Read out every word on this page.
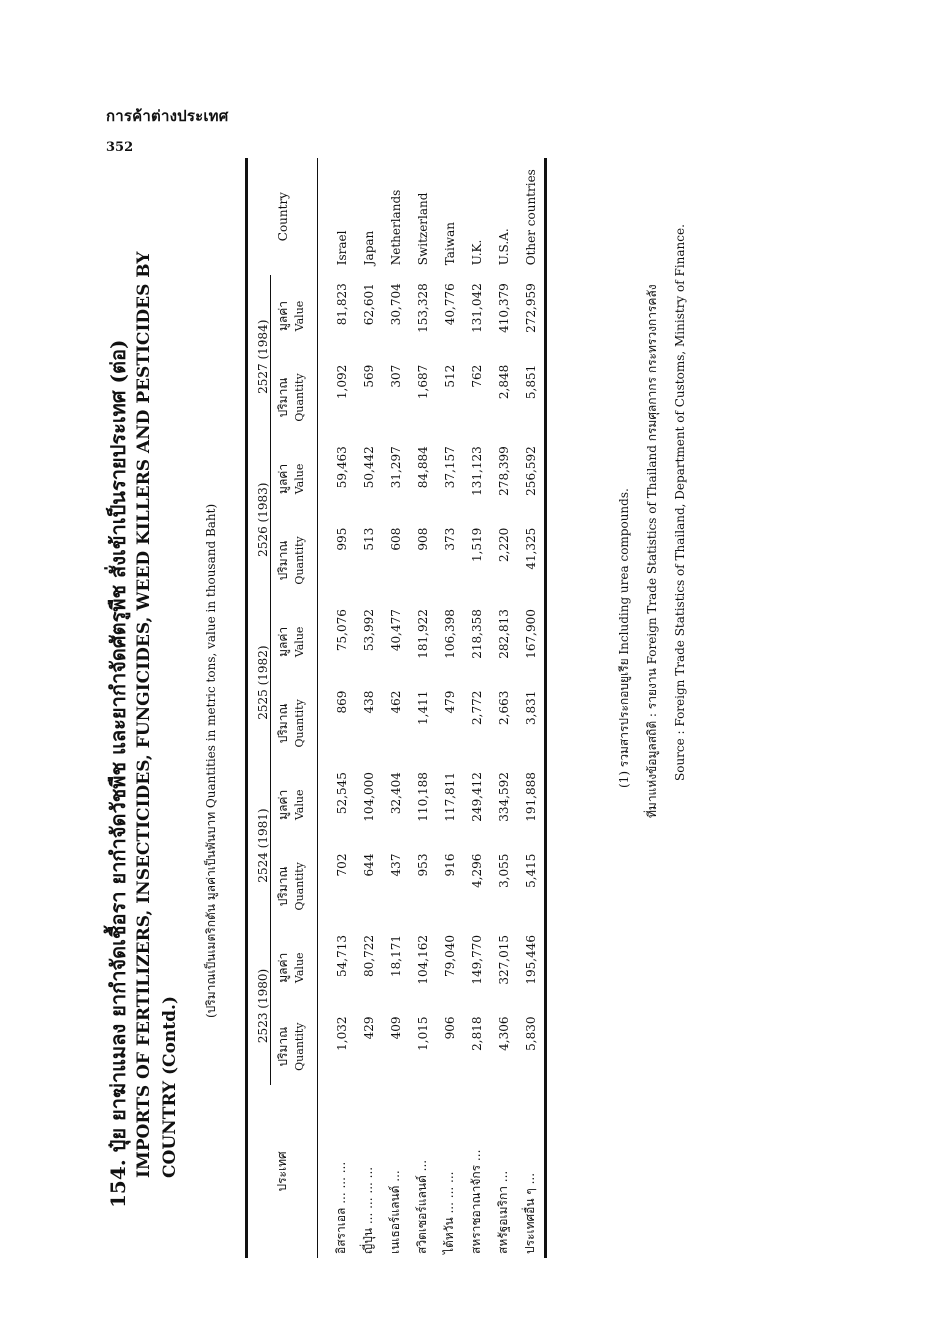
การค้าต่างประเทศ
352
154. ปุ๋ย ยาฆ่าแมลง ยากำจัดเชื้อรา ยากำจัดวัชพืช และยากำจัดศัตรูพืช สั่งเข้าเป็นรายประเทศ (ต่อ) IMPORTS OF FERTILIZERS, INSECTICIDES, FUNGICIDES, WEED KILLERS AND PESTICIDES BY COUNTRY (Contd.)
(ปริมาณเป็นเมตริกตัน มูลค่าเป็นพันบาท Quantities in metric tons, value in thousand Baht)
ประเทศ	2523 (1980)		2524 (1981)		2525 (1982)		2526 (1983)		2527 (1984)		Country
	ปริมาณ	มูลค่า	ปริมาณ	มูลค่า	ปริมาณ	มูลค่า	ปริมาณ	มูลค่า	ปริมาณ	มูลค่า	
	Quantity	Value	Quantity	Value	Quantity	Value	Quantity	Value	Quantity	Value	

อิสราเอล ... ... ...	1,032	54,713	702	52,545	869	75,076	995	59,463	1,092	81,823	Israel
ญี่ปุ่น ... ... ... ...	429	80,722	644	104,000	438	53,992	513	50,442	569	62,601	Japan
เนเธอร์แลนด์ ...	409	18,171	437	32,404	462	40,477	608	31,297	307	30,704	Netherlands
สวิตเซอร์แลนด์ ...	1,015	104,162	953	110,188	1,411	181,922	908	84,884	1,687	153,328	Switzerland
ไต้หวัน ... ... ...	906	79,040	916	117,811	479	106,398	373	37,157	512	40,776	Taiwan
สหราชอาณาจักร ...	2,818	149,770	4,296	249,412	2,772	218,358	1,519	131,123	762	131,042	U.K.
สหรัฐอเมริกา ...	4,306	327,015	3,055	334,592	2,663	282,813	2,220	278,399	2,848	410,379	U.S.A.
ประเทศอื่น ๆ ...	5,830	195,446	5,415	191,888	3,831	167,900	41,325	256,592	5,851	272,959	Other countries

(1) รวมสารประกอบยูเรีย Including urea compounds.	ที่มาแห่งข้อมูลสถิติ : รายงาน Foreign Trade Statistics of Thailand กรมศุลกากร กระทรวงการคลัง	Source : Foreign Trade Statistics of Thailand, Department of Customs, Ministry of Finance.
